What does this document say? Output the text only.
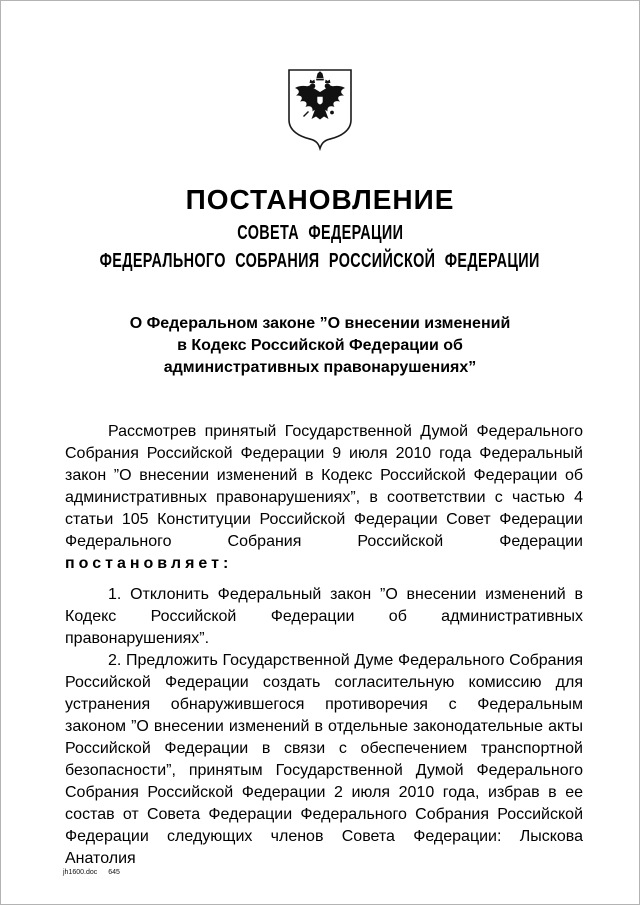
ПОСТАНОВЛЕНИЕ
СОВЕТА ФЕДЕРАЦИИ
ФЕДЕРАЛЬНОГО СОБРАНИЯ РОССИЙСКОЙ ФЕДЕРАЦИИ
О Федеральном законе ”О внесении изменений
в Кодекс Российской Федерации об
административных правонарушениях”

Рассмотрев принятый Государственной Думой Федерального Собрания Российской Федерации 9 июля 2010 года Федеральный закон ”О внесении изменений в Кодекс Российской Федерации об административных правонарушениях”, в соответствии с частью 4 статьи 105 Конституции Российской Федерации Совет Федерации Федерального Собрания Российской Федерации постановляет:

1. Отклонить Федеральный закон ”О внесении изменений в Кодекс Российской Федерации об административных правонарушениях”.

2. Предложить Государственной Думе Федерального Собрания Российской Федерации создать согласительную комиссию для устранения обнаружившегося противоречия с Федеральным законом ”О внесении изменений в отдельные законодательные акты Российской Федерации в связи с обеспечением транспортной безопасности”, принятым Государственной Думой Федерального Собрания Российской Федерации 2 июля 2010 года, избрав в ее состав от Совета Федерации Федерального Собрания Российской Федерации следующих членов Совета Федерации: Лыскова Анатолия

jh1600.doc 645
